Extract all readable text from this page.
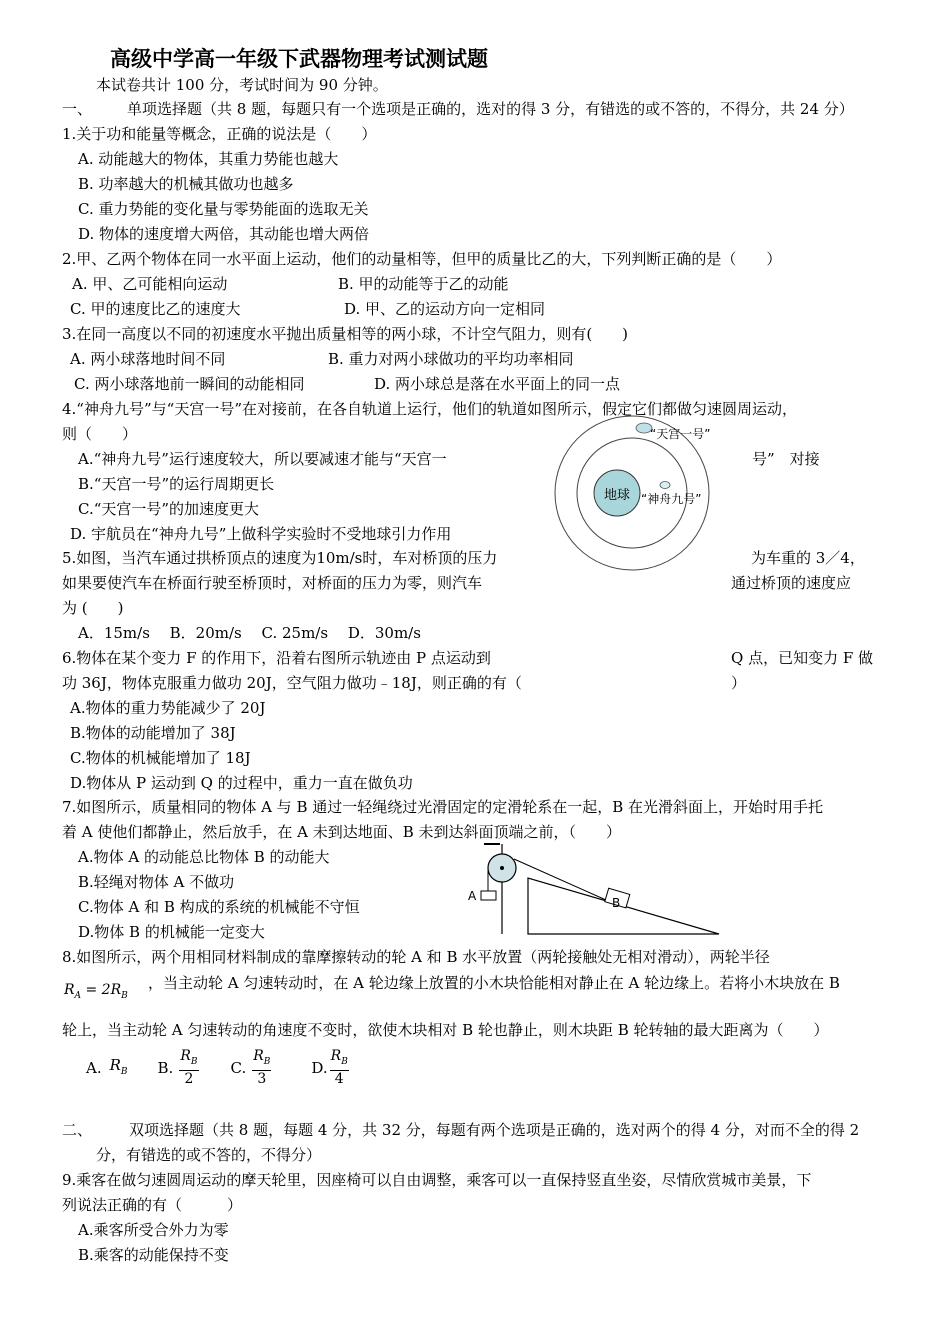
高级中学高一年级下武器物理考试测试题
本试卷共计 100 分，考试时间为 90 分钟。
一、 单项选择题（共 8 题，每题只有一个选项是正确的，选对的得 3 分，有错选的或不答的，不得分，共 24 分）
1.关于功和能量等概念，正确的说法是（　　）
A. 动能越大的物体，其重力势能也越大
B. 功率越大的机械其做功也越多
C. 重力势能的变化量与零势能面的选取无关
D. 物体的速度增大两倍，其动能也增大两倍
2.甲、乙两个物体在同一水平面上运动，他们的动量相等，但甲的质量比乙的大，下列判断正确的是（　　）
A. 甲、乙可能相向运动	B. 甲的动能等于乙的动能
C. 甲的速度比乙的速度大	D. 甲、乙的运动方向一定相同
3.在同一高度以不同的初速度水平抛出质量相等的两小球，不计空气阻力，则有(　　)
A. 两小球落地时间不同	B. 重力对两小球做功的平均功率相同
C. 两小球落地前一瞬间的动能相同	D. 两小球总是落在水平面上的同一点
4.“神舟九号”与“天宫一号”在对接前，在各自轨道上运行，他们的轨道如图所示，假定它们都做匀速圆周运动，
则（　　）
A.“神舟九号”运行速度较大，所以要减速才能与“天宫一	号”　对接
B.“天宫一号”的运行周期更长
C.“天宫一号”的加速度更大
D. 宇航员在“神舟九号”上做科学实验时不受地球引力作用
地球
“天宫一号”
“神舟九号”
5.如图，当汽车通过拱桥顶点的速度为10m/s时，车对桥顶的压力	为车重的 3／4，
如果要使汽车在桥面行驶至桥顶时，对桥面的压力为零，则汽车	通过桥顶的速度应
为 (　　)
A．15m/s　 B．20m/s　 C. 25m/s　 D．30m/s
6.物体在某个变力 F 的作用下，沿着右图所示轨迹由 P 点运动到	Q 点，已知变力 F 做
功 36J，物体克服重力做功 20J，空气阻力做功﹣18J，则正确的有（	）
A.物体的重力势能减少了 20J
B.物体的动能增加了 38J
C.物体的机械能增加了 18J
D.物体从 P 运动到 Q 的过程中，重力一直在做负功
7.如图所示，质量相同的物体 A 与 B 通过一轻绳绕过光滑固定的定滑轮系在一起，B 在光滑斜面上，开始时用手托
着 A 使他们都静止，然后放手，在 A 未到达地面、B 未到达斜面顶端之前，（　　）
A.物体 A 的动能总比物体 B 的动能大
B.轻绳对物体 A 不做功
C.物体 A 和 B 构成的系统的机械能不守恒
D.物体 B 的机械能一定变大
A	B
8.如图所示，两个用相同材料制成的靠摩擦转动的轮 A 和 B 水平放置（两轮接触处无相对滑动），两轮半径
$R_A = 2R_B$
，当主动轮 A 匀速转动时，在 A 轮边缘上放置的小木块恰能相对静止在 A 轮边缘上。若将小木块放在 B
轮上，当主动轮 A 匀速转动的角速度不变时，欲使木块相对 B 轮也静止，则木块距 B 轮转轴的最大距离为（　　）
A. $R_B$ B. $\frac{R_B}{2} C$. $\frac{R_B}{3}$	D. $\frac{R_B}{4}$
二、 双项选择题（共 8 题，每题 4 分，共 32 分，每题有两个选项是正确的，选对两个的得 4 分，对而不全的得 2
分，有错选的或不答的，不得分）
9.乘客在做匀速圆周运动的摩天轮里，因座椅可以自由调整，乘客可以一直保持竖直坐姿，尽情欣赏城市美景，下
列说法正确的有（　　　）
A.乘客所受合外力为零
B.乘客的动能保持不变
